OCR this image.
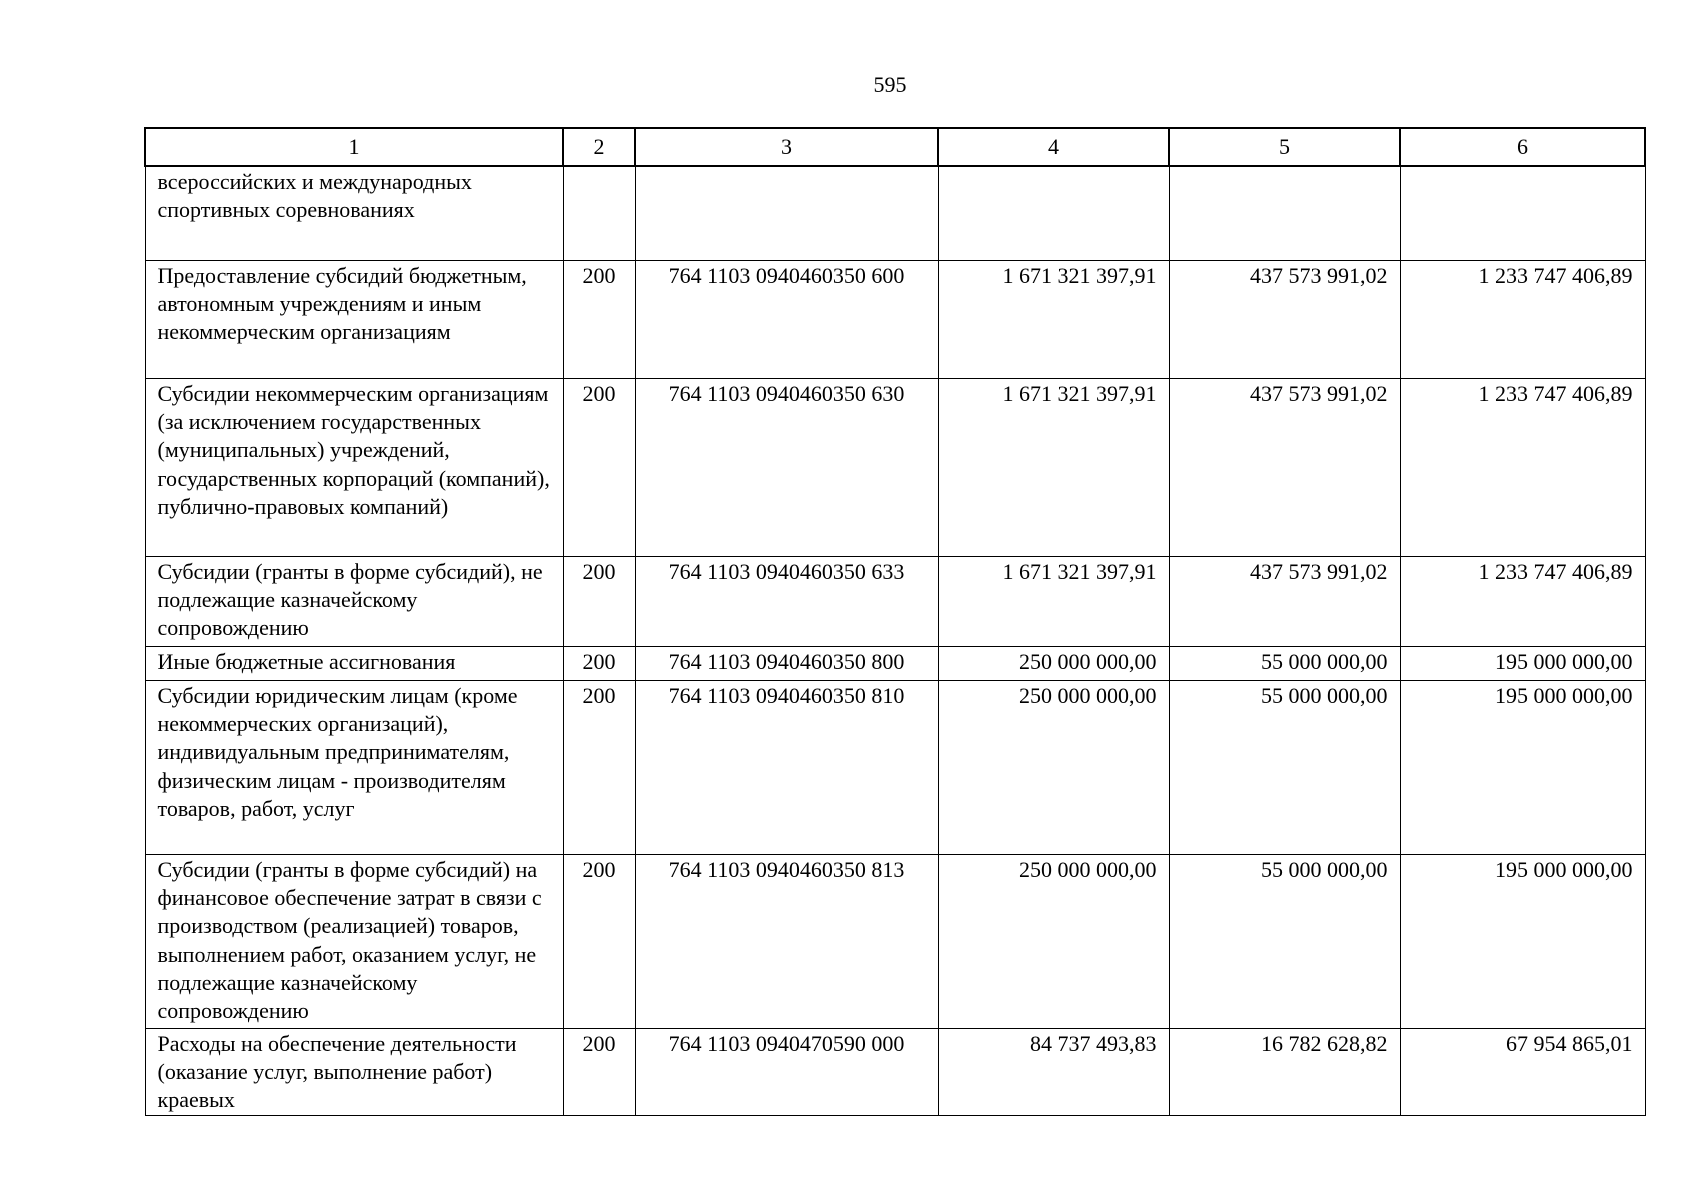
595
1	2	3	4	5	6
всероссийских и международных спортивных соревнованиях					
Предоставление субсидий бюджетным, автономным учреждениям и иным некоммерческим организациям	200	764 1103 0940460350 600	1 671 321 397,91	437 573 991,02	1 233 747 406,89
Субсидии некоммерческим организациям (за исключением государственных (муниципальных) учреждений, государственных корпораций (компаний), публично-правовых компаний)	200	764 1103 0940460350 630	1 671 321 397,91	437 573 991,02	1 233 747 406,89
Субсидии (гранты в форме субсидий), не подлежащие казначейскому сопровождению	200	764 1103 0940460350 633	1 671 321 397,91	437 573 991,02	1 233 747 406,89
Иные бюджетные ассигнования	200	764 1103 0940460350 800	250 000 000,00	55 000 000,00	195 000 000,00
Субсидии юридическим лицам (кроме некоммерческих организаций), индивидуальным предпринимателям, физическим лицам - производителям товаров, работ, услуг	200	764 1103 0940460350 810	250 000 000,00	55 000 000,00	195 000 000,00
Субсидии (гранты в форме субсидий) на финансовое обеспечение затрат в связи с производством (реализацией) товаров, выполнением работ, оказанием услуг, не подлежащие казначейскому сопровождению	200	764 1103 0940460350 813	250 000 000,00	55 000 000,00	195 000 000,00
Расходы на обеспечение деятельности (оказание услуг, выполнение работ) краевых	200	764 1103 0940470590 000	84 737 493,83	16 782 628,82	67 954 865,01
